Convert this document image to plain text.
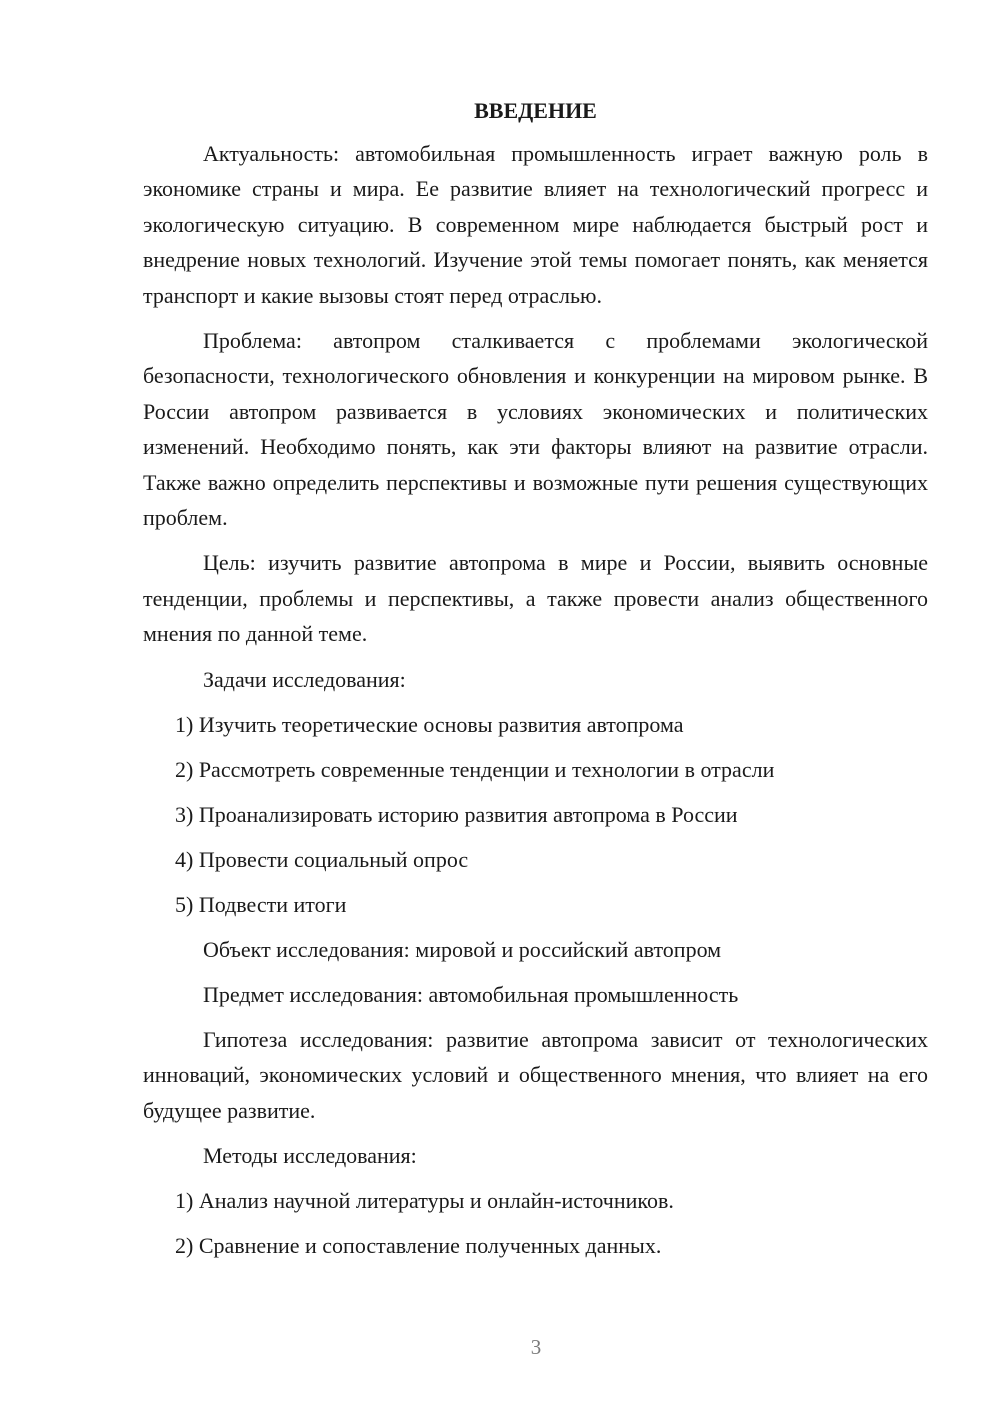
ВВЕДЕНИЕ

Актуальность: автомобильная промышленность играет важную роль в экономике страны и мира. Ее развитие влияет на технологический прогресс и экологическую ситуацию. В современном мире наблюдается быстрый рост и внедрение новых технологий. Изучение этой темы помогает понять, как меняется транспорт и какие вызовы стоят перед отраслью.

Проблема: автопром сталкивается с проблемами экологической безопасности, технологического обновления и конкуренции на мировом рынке. В России автопром развивается в условиях экономических и политических изменений. Необходимо понять, как эти факторы влияют на развитие отрасли. Также важно определить перспективы и возможные пути решения существующих проблем.

Цель: изучить развитие автопрома в мире и России, выявить основные тенденции, проблемы и перспективы, а также провести анализ общественного мнения по данной теме.

Задачи исследования:
1) Изучить теоретические основы развития автопрома
2) Рассмотреть современные тенденции и технологии в отрасли
3) Проанализировать историю развития автопрома в России
4) Провести социальный опрос
5) Подвести итоги
Объект исследования: мировой и российский автопром
Предмет исследования: автомобильная промышленность

Гипотеза исследования: развитие автопрома зависит от технологических инноваций, экономических условий и общественного мнения, что влияет на его будущее развитие.

Методы исследования:
1) Анализ научной литературы и онлайн-источников.
2) Сравнение и сопоставление полученных данных.
3
